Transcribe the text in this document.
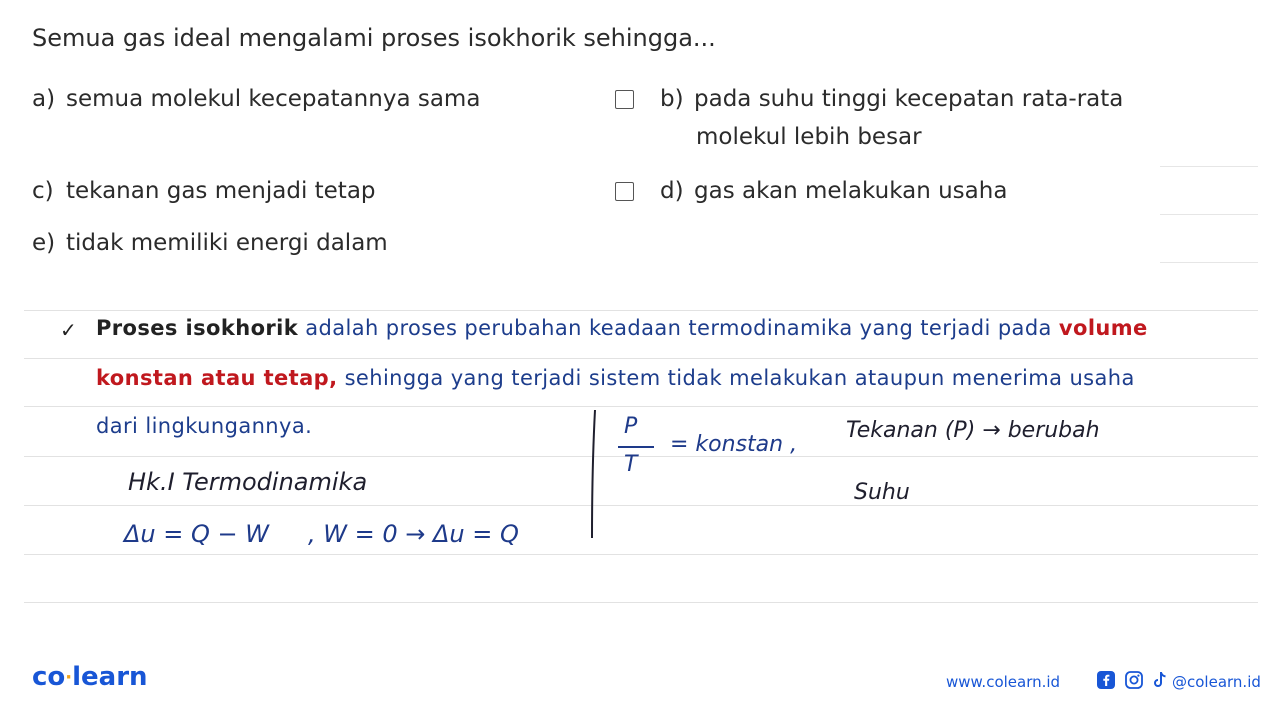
Semua gas ideal mengalami proses isokhorik sehingga...
a) semua molekul kecepatannya sama	b) pada suhu tinggi kecepatan rata-rata
molekul lebih besar
c) tekanan gas menjadi tetap	d) gas akan melakukan usaha
e) tidak memiliki energi dalam
✓ Proses isokhorik adalah proses perubahan keadaan termodinamika yang terjadi pada volume
konstan atau tetap, sehingga yang terjadi sistem tidak melakukan ataupun menerima usaha
dari lingkungannya.
Hk.I Termodinamika
Δu = Q − W , W = 0 → Δu = Q
P
T
= konstan ,
Tekanan (P) → berubah
Suhu
co·learn	www.colearn.id	@colearn.id
